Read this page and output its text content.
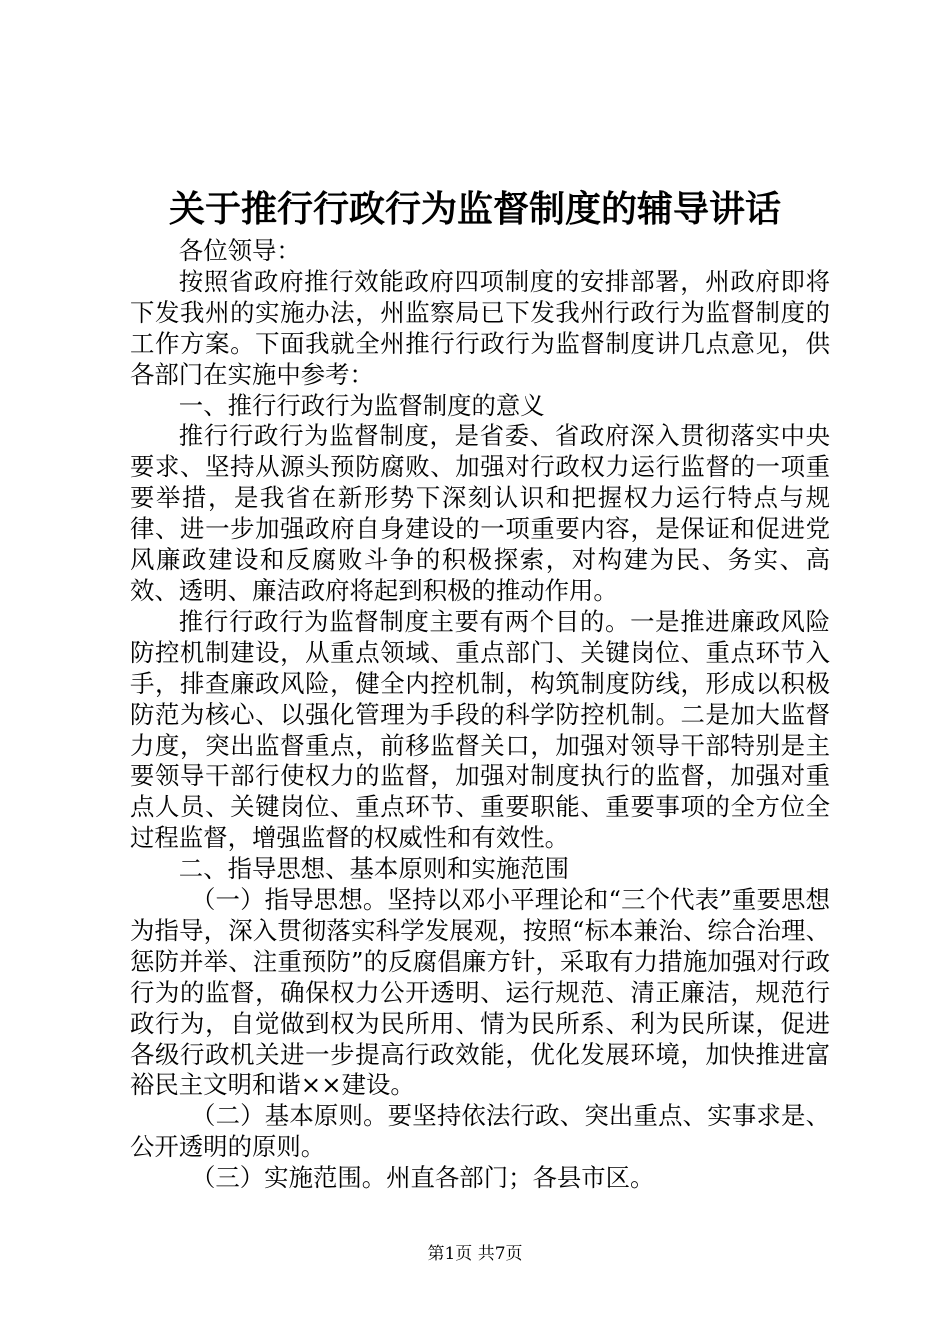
关于推行行政行为监督制度的辅导讲话

各位领导：

按照省政府推行效能政府四项制度的安排部署，州政府即将下发我州的实施办法，州监察局已下发我州行政行为监督制度的工作方案。下面我就全州推行行政行为监督制度讲几点意见，供各部门在实施中参考：

一、推行行政行为监督制度的意义

推行行政行为监督制度，是省委、省政府深入贯彻落实中央要求、坚持从源头预防腐败、加强对行政权力运行监督的一项重要举措，是我省在新形势下深刻认识和把握权力运行特点与规律、进一步加强政府自身建设的一项重要内容，是保证和促进党风廉政建设和反腐败斗争的积极探索，对构建为民、务实、高效、透明、廉洁政府将起到积极的推动作用。

推行行政行为监督制度主要有两个目的。一是推进廉政风险防控机制建设，从重点领域、重点部门、关键岗位、重点环节入手，排查廉政风险，健全内控机制，构筑制度防线，形成以积极防范为核心、以强化管理为手段的科学防控机制。二是加大监督力度，突出监督重点，前移监督关口，加强对领导干部特别是主要领导干部行使权力的监督，加强对制度执行的监督，加强对重点人员、关键岗位、重点环节、重要职能、重要事项的全方位全过程监督，增强监督的权威性和有效性。

二、指导思想、基本原则和实施范围

（一）指导思想。坚持以邓小平理论和“三个代表”重要思想为指导，深入贯彻落实科学发展观，按照“标本兼治、综合治理、惩防并举、注重预防”的反腐倡廉方针，采取有力措施加强对行政行为的监督，确保权力公开透明、运行规范、清正廉洁，规范行政行为，自觉做到权为民所用、情为民所系、利为民所谋，促进各级行政机关进一步提高行政效能，优化发展环境，加快推进富裕民主文明和谐××建设。

（二）基本原则。要坚持依法行政、突出重点、实事求是、公开透明的原则。

（三）实施范围。州直各部门；各县市区。

第1页 共7页
